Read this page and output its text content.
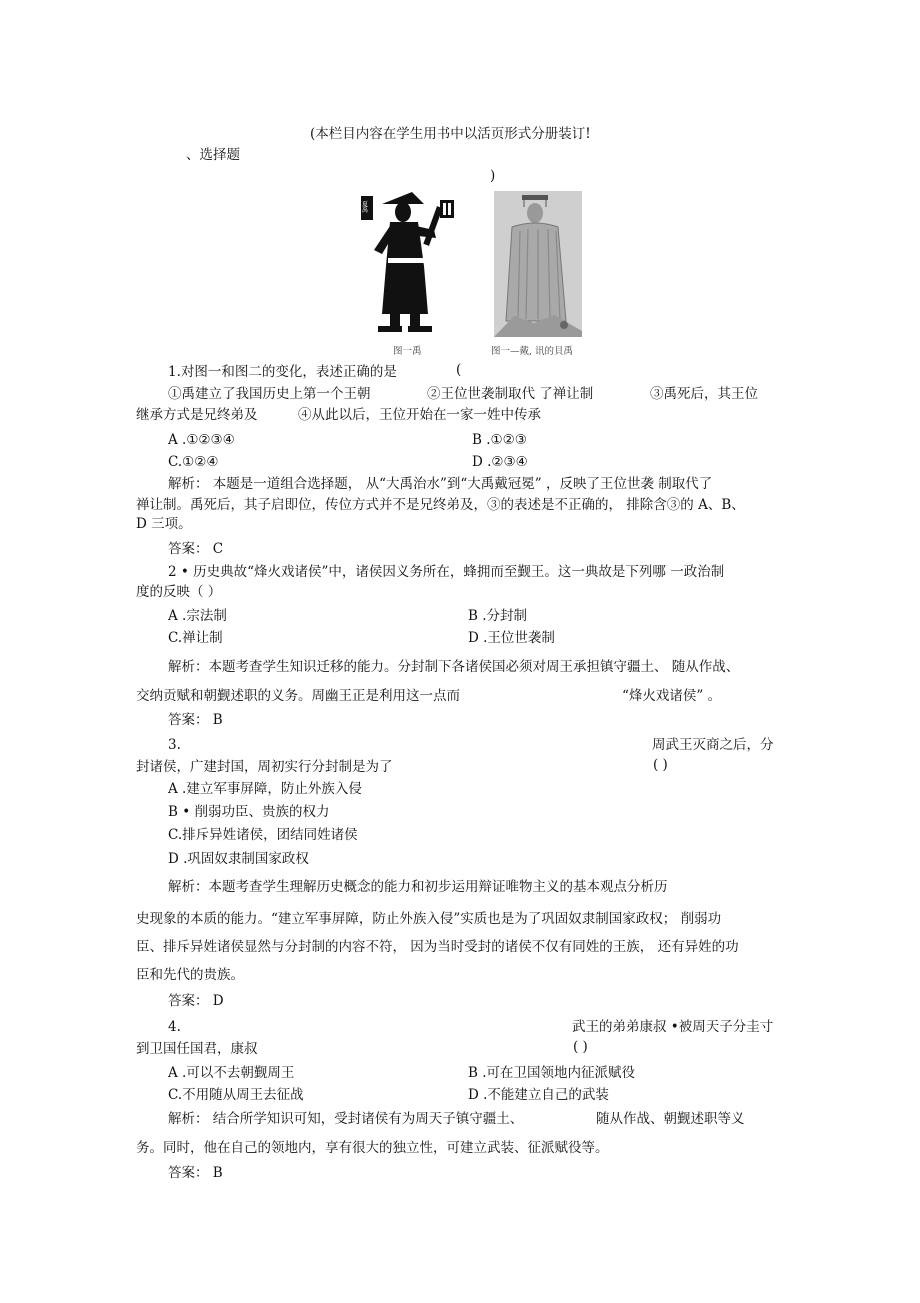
(本栏目内容在学生用书中以活页形式分册装订!
、选择题
)
夏禹
图一禹	图一—戴, 讯的貝禹
1.对图一和图二的变化，表述正确的是	(
①禹建立了我国历史上第一个王朝	②王位世袭制取代 了禅让制	③禹死后，其王位
继承方式是兄终弟及	④从此以后，王位开始在一家一姓中传承
A .①②③④	B .①②③
C.①②④	D .②③④
解析： 本题是一道组合选择题， 从“大禹治水”到“大禹戴冠冕” ，反映了王位世袭 制取代了
禅让制。禹死后，其子启即位，传位方式并不是兄终弟及，③的表述是不正确的， 排除含③的 A、B、
D 三项。
答案： C
2 • 历史典故“烽火戏诸侯”中，诸侯因义务所在，蜂拥而至觐王。这一典故是下列哪 一政治制
度的反映（ ）
A .宗法制	B .分封制
C.禅让制	D .王位世袭制
解析：本题考查学生知识迁移的能力。分封制下各诸侯国必须对周王承担镇守疆土、 随从作战、
交纳贡赋和朝觐述职的义务。周幽王正是利用这一点而	“烽火戏诸侯” 。
答案： B
3.	周武王灭商之后，分
封诸侯，广建封国，周初实行分封制是为了	( )
A .建立军事屏障，防止外族入侵
B • 削弱功臣、贵族的权力
C.排斥异姓诸侯，团结同姓诸侯
D .巩固奴隶制国家政权
解析：本题考查学生理解历史概念的能力和初步运用辩证唯物主义的基本观点分析历
史现象的本质的能力。“建立军事屏障，防止外族入侵”实质也是为了巩固奴隶制国家政权； 削弱功
臣、排斥异姓诸侯显然与分封制的内容不符， 因为当时受封的诸侯不仅有同姓的王族， 还有异姓的功
臣和先代的贵族。
答案： D
4.	武王的弟弟康叔 •被周天子分圭寸
到卫国任国君，康叔	( )
A .可以不去朝觐周王	B .可在卫国领地内征派赋役
C.不用随从周王去征战	D .不能建立自己的武装
解析： 结合所学知识可知，受封诸侯有为周天子镇守疆土、	随从作战、朝觐述职等义
务。同时，他在自己的领地内，享有很大的独立性，可建立武装、征派赋役等。
答案： B
